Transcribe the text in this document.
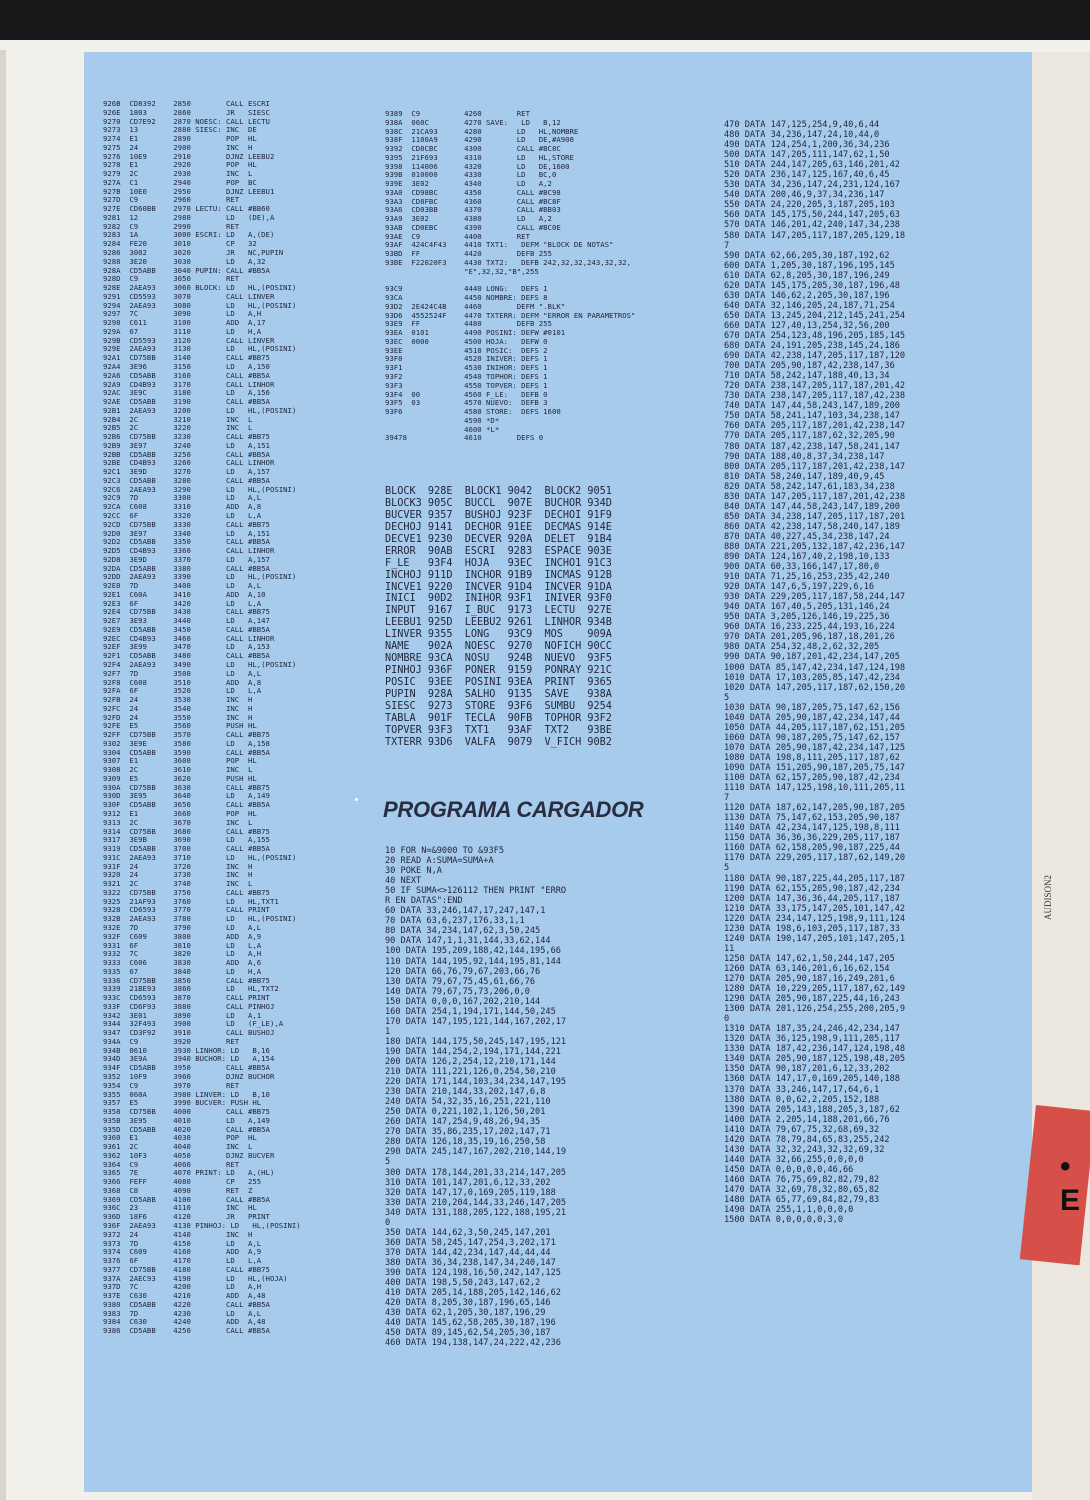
• E
AUDISON2
926B  CD8392    2850        CALL ESCRI
926E  1803      2860        JR   SIESC
9270  CD7E92    2870 NOESC: CALL LECTU
9273  13        2880 SIESC: INC  DE
9274  E1        2890        POP  HL
9275  24        2900        INC  H
9276  10E9      2910        DJNZ LEEBU2
9278  E1        2920        POP  HL
9279  2C        2930        INC  L
927A  C1        2940        POP  BC
927B  10E0      2950        DJNZ LEEBU1
927D  C9        2960        RET
927E  CD60BB    2970 LECTU: CALL #BB60
9281  12        2980        LD   (DE),A
9282  C9        2990        RET
9283  1A        3000 ESCRI: LD   A,(DE)
9284  FE20      3010        CP   32
9286  3002      3020        JR   NC,PUPIN
9288  3E20      3030        LD   A,32
928A  CD5ABB    3040 PUPIN: CALL #BB5A
928D  C9        3050        RET
928E  2AEA93    3060 BLOCK: LD   HL,(POSINI)
9291  CD5593    3070        CALL LINVER
9294  2AEA93    3080        LD   HL,(POSINI)
9297  7C        3090        LD   A,H
9298  C611      3100        ADD  A,17
929A  67        3110        LD   H,A
929B  CD5593    3120        CALL LINVER
929E  2AEA93    3130        LD   HL,(POSINI)
92A1  CD75BB    3140        CALL #BB75
92A4  3E96      3150        LD   A,150
92A6  CD5ABB    3160        CALL #BB5A
92A9  CD4B93    3170        CALL LINHOR
92AC  3E9C      3180        LD   A,156
92AE  CD5ABB    3190        CALL #BB5A
92B1  2AEA93    3200        LD   HL,(POSINI)
92B4  2C        3210        INC  L
92B5  2C        3220        INC  L
92B6  CD75BB    3230        CALL #BB75
92B9  3E97      3240        LD   A,151
92BB  CD5ABB    3250        CALL #BB5A
92BE  CD4B93    3260        CALL LINHOR
92C1  3E9D      3270        LD   A,157
92C3  CD5ABB    3280        CALL #BB5A
92C6  2AEA93    3290        LD   HL,(POSINI)
92C9  7D        3300        LD   A,L
92CA  C608      3310        ADD  A,8
92CC  6F        3320        LD   L,A
92CD  CD75BB    3330        CALL #BB75
92D0  3E97      3340        LD   A,151
92D2  CD5ABB    3350        CALL #BB5A
92D5  CD4B93    3360        CALL LINHOR
92D8  3E9D      3370        LD   A,157
92DA  CD5ABB    3380        CALL #BB5A
92DD  2AEA93    3390        LD   HL,(POSINI)
92E0  7D        3400        LD   A,L
92E1  C60A      3410        ADD  A,10
92E3  6F        3420        LD   L,A
92E4  CD75BB    3430        CALL #BB75
92E7  3E93      3440        LD   A,147
92E9  CD5ABB    3450        CALL #BB5A
92EC  CD4B93    3460        CALL LINHOR
92EF  3E99      3470        LD   A,153
92F1  CD5ABB    3480        CALL #BB5A
92F4  2AEA93    3490        LD   HL,(POSINI)
92F7  7D        3500        LD   A,L
92F8  C608      3510        ADD  A,8
92FA  6F        3520        LD   L,A
92FB  24        3530        INC  H
92FC  24        3540        INC  H
92FD  24        3550        INC  H
92FE  E5        3560        PUSH HL
92FF  CD75BB    3570        CALL #BB75
9302  3E9E      3580        LD   A,158
9304  CD5ABB    3590        CALL #BB5A
9307  E1        3600        POP  HL
9308  2C        3610        INC  L
9309  E5        3620        PUSH HL
930A  CD75BB    3630        CALL #BB75
930D  3E95      3640        LD   A,149
930F  CD5ABB    3650        CALL #BB5A
9312  E1        3660        POP  HL
9313  2C        3670        INC  L
9314  CD75BB    3680        CALL #BB75
9317  3E9B      3690        LD   A,155
9319  CD5ABB    3700        CALL #BB5A
931C  2AEA93    3710        LD   HL,(POSINI)
931F  24        3720        INC  H
9320  24        3730        INC  H
9321  2C        3740        INC  L
9322  CD75BB    3750        CALL #BB75
9325  21AF93    3760        LD   HL,TXT1
9328  CD6593    3770        CALL PRINT
932B  2AEA93    3780        LD   HL,(POSINI)
932E  7D        3790        LD   A,L
932F  C609      3800        ADD  A,9
9331  6F        3810        LD   L,A
9332  7C        3820        LD   A,H
9333  C606      3830        ADD  A,6
9335  67        3840        LD   H,A
9336  CD75BB    3850        CALL #BB75
9339  21BE93    3860        LD   HL,TXT2
933C  CD6593    3870        CALL PRINT
933F  CD6F93    3880        CALL PINHOJ
9342  3E01      3890        LD   A,1
9344  32F493    3900        LD   (F_LE),A
9347  CD3F92    3910        CALL BUSHOJ
934A  C9        3920        RET
934B  0610      3930 LINHOR: LD   B,16
934D  3E9A      3940 BUCHOR: LD   A,154
934F  CD5ABB    3950        CALL #BB5A
9352  10F9      3960        DJNZ BUCHOR
9354  C9        3970        RET
9355  060A      3980 LINVER: LD   B,10
9357  E5        3990 BUCVER: PUSH HL
9358  CD75BB    4000        CALL #BB75
935B  3E95      4010        LD   A,149
935D  CD5ABB    4020        CALL #BB5A
9360  E1        4030        POP  HL
9361  2C        4040        INC  L
9362  10F3      4050        DJNZ BUCVER
9364  C9        4060        RET
9365  7E        4070 PRINT: LD   A,(HL)
9366  FEFF      4080        CP   255
9368  C8        4090        RET  Z
9369  CD5ABB    4100        CALL #BB5A
936C  23        4110        INC  HL
936D  18F6      4120        JR   PRINT
936F  2AEA93    4130 PINHOJ: LD   HL,(POSINI)
9372  24        4140        INC  H
9373  7D        4150        LD   A,L
9374  C609      4160        ADD  A,9
9376  6F        4170        LD   L,A
9377  CD75BB    4180        CALL #BB75
937A  2AEC93    4190        LD   HL,(HOJA)
937D  7C        4200        LD   A,H
937E  C630      4210        ADD  A,48
9380  CD5ABB    4220        CALL #BB5A
9383  7D        4230        LD   A,L
9384  C630      4240        ADD  A,48
9386  CD5ABB    4250        CALL #BB5A
9389  C9          4260        RET
938A  060C        4270 SAVE:   LD   B,12
938C  21CA93      4280        LD   HL,NOMBRE
938F  1100A9      4290        LD   DE,#A900
9392  CD8CBC      4300        CALL #BC8C
9395  21F693      4310        LD   HL,STORE
9398  114006      4320        LD   DE,1600
939B  010000      4330        LD   BC,0
939E  3E02        4340        LD   A,2
93A0  CD98BC      4350        CALL #BC98
93A3  CD8FBC      4360        CALL #BC8F
93A6  CD03BB      4370        CALL #BB03
93A9  3E02        4380        LD   A,2
93AB  CD0EBC      4390        CALL #BC0E
93AE  C9          4400        RET
93AF  424C4F43    4410 TXT1:   DEFM "BLOCK DE NOTAS"
93BD  FF          4420        DEFB 255
93BE  F22020F3    4430 TXT2:   DEFB 242,32,32,243,32,32,
"E",32,32,"B",255
93C9              4440 LONG:   DEFS 1
93CA              4450 NOMBRE: DEFS 8
93D2  2E424C4B    4460        DEFM ".BLK"
93D6  4552524F    4470 TXTERR: DEFM "ERROR EN PARAMETROS"
93E9  FF          4480        DEFB 255
93EA  0101        4490 POSINI: DEFW #0101
93EC  0000        4500 HOJA:   DEFW 0
93EE              4510 POSIC:  DEFS 2
93F0              4520 INIVER: DEFS 1
93F1              4530 INIHOR: DEFS 1
93F2              4540 TOPHOR: DEFS 1
93F3              4550 TOPVER: DEFS 1
93F4  00          4560 F_LE:   DEFB 0
93F5  03          4570 NUEVO:  DEFB 3
93F6              4580 STORE:  DEFS 1600
4590 *D*
4600 *L*
39478             4610        DEFS 0
BLOCK  928E  BLOCK1 9042  BLOCK2 9051
BLOCK3 905C  BUCCL  907E  BUCHOR 934D
BUCVER 9357  BUSHOJ 923F  DECHOI 91F9
DECHOJ 9141  DECHOR 91EE  DECMAS 914E
DECVE1 9230  DECVER 920A  DELET  91B4
ERROR  90AB  ESCRI  9283  ESPACE 903E
F_LE   93F4  HOJA   93EC  INCHO1 91C3
INCHOJ 911D  INCHOR 91B9  INCMAS 912B
INCVE1 9220  INCVER 91D4  INCVER 91DA
INICI  90D2  INIHOR 93F1  INIVER 93F0
INPUT  9167  I_BUC  9173  LECTU  927E
LEEBU1 925D  LEEBU2 9261  LINHOR 934B
LINVER 9355  LONG   93C9  MOS    909A
NAME   902A  NOESC  9270  NOFICH 90CC
NOMBRE 93CA  NOSU   924B  NUEVO  93F5
PINHOJ 936F  PONER  9159  PONRAY 921C
POSIC  93EE  POSINI 93EA  PRINT  9365
PUPIN  928A  SALHO  9135  SAVE   938A
SIESC  9273  STORE  93F6  SUMBU  9254
TABLA  901F  TECLA  90FB  TOPHOR 93F2
TOPVER 93F3  TXT1   93AF  TXT2   93BE
TXTERR 93D6  VALFA  9079  V_FICH 90B2
PROGRAMA CARGADOR
10 FOR N=&9000 TO &93F5
20 READ A:SUMA=SUMA+A
30 POKE N,A
40 NEXT
50 IF SUMA<>126112 THEN PRINT "ERRO
R EN DATAS":END
60 DATA 33,246,147,17,247,147,1
70 DATA 63,6,237,176,33,1,1
80 DATA 34,234,147,62,3,50,245
90 DATA 147,1,1,31,144,33,62,144
100 DATA 195,209,188,42,144,195,66
110 DATA 144,195,92,144,195,81,144
120 DATA 66,76,79,67,203,66,76
130 DATA 79,67,75,45,61,66,76
140 DATA 79,67,75,73,206,0,0
150 DATA 0,0,0,167,202,210,144
160 DATA 254,1,194,171,144,50,245
170 DATA 147,195,121,144,167,202,17
1
180 DATA 144,175,50,245,147,195,121
190 DATA 144,254,2,194,171,144,221
200 DATA 126,2,254,12,210,171,144
210 DATA 111,221,126,0,254,50,210
220 DATA 171,144,103,34,234,147,195
230 DATA 210,144,33,202,147,6,8
240 DATA 54,32,35,16,251,221,110
250 DATA 0,221,102,1,126,50,201
260 DATA 147,254,9,48,26,94,35
270 DATA 35,86,235,17,202,147,71
280 DATA 126,18,35,19,16,250,58
290 DATA 245,147,167,202,210,144,19
5
300 DATA 178,144,201,33,214,147,205
310 DATA 101,147,201,6,12,33,202
320 DATA 147,17,0,169,205,119,188
330 DATA 210,204,144,33,246,147,205
340 DATA 131,188,205,122,188,195,21
0
350 DATA 144,62,3,50,245,147,201
360 DATA 58,245,147,254,3,202,171
370 DATA 144,42,234,147,44,44,44
380 DATA 36,34,238,147,34,240,147
390 DATA 124,198,16,50,242,147,125
400 DATA 198,5,50,243,147,62,2
410 DATA 205,14,188,205,142,146,62
420 DATA 8,205,30,187,196,65,146
430 DATA 62,1,205,30,187,196,29
440 DATA 145,62,58,205,30,187,196
450 DATA 89,145,62,54,205,30,187
460 DATA 194,138,147,24,222,42,236
470 DATA 147,125,254,9,40,6,44
480 DATA 34,236,147,24,10,44,0
490 DATA 124,254,1,200,36,34,236
500 DATA 147,205,111,147,62,1,50
510 DATA 244,147,205,63,146,201,42
520 DATA 236,147,125,167,40,6,45
530 DATA 34,236,147,24,231,124,167
540 DATA 200,46,9,37,34,236,147
550 DATA 24,220,205,3,187,205,103
560 DATA 145,175,50,244,147,205,63
570 DATA 146,201,42,240,147,34,238
580 DATA 147,205,117,187,205,129,18
7
590 DATA 62,66,205,30,187,192,62
600 DATA 1,205,30,187,196,195,145
610 DATA 62,8,205,30,187,196,249
620 DATA 145,175,205,30,187,196,48
630 DATA 146,62,2,205,30,187,196
640 DATA 32,146,205,24,187,71,254
650 DATA 13,245,204,212,145,241,254
660 DATA 127,40,13,254,32,56,200
670 DATA 254,123,48,196,205,185,145
680 DATA 24,191,205,238,145,24,186
690 DATA 42,238,147,205,117,187,120
700 DATA 205,90,187,42,238,147,36
710 DATA 58,242,147,188,40,13,34
720 DATA 238,147,205,117,187,201,42
730 DATA 238,147,205,117,187,42,238
740 DATA 147,44,58,243,147,189,200
750 DATA 58,241,147,103,34,238,147
760 DATA 205,117,187,201,42,238,147
770 DATA 205,117,187,62,32,205,90
780 DATA 187,42,238,147,58,241,147
790 DATA 188,40,8,37,34,238,147
800 DATA 205,117,187,201,42,238,147
810 DATA 58,240,147,189,40,9,45
820 DATA 58,242,147,61,183,34,238
830 DATA 147,205,117,187,201,42,238
840 DATA 147,44,58,243,147,189,200
850 DATA 34,238,147,205,117,187,201
860 DATA 42,238,147,58,240,147,189
870 DATA 40,227,45,34,238,147,24
880 DATA 221,205,132,187,42,236,147
890 DATA 124,167,40,2,198,10,133
900 DATA 60,33,166,147,17,80,0
910 DATA 71,25,16,253,235,42,240
920 DATA 147,6,5,197,229,6,16
930 DATA 229,205,117,187,58,244,147
940 DATA 167,40,5,205,131,146,24
950 DATA 3,205,126,146,19,225,36
960 DATA 16,233,225,44,193,16,224
970 DATA 201,205,96,187,18,201,26
980 DATA 254,32,48,2,62,32,205
990 DATA 90,187,201,42,234,147,205
1000 DATA 85,147,42,234,147,124,198
1010 DATA 17,103,205,85,147,42,234
1020 DATA 147,205,117,187,62,150,20
5
1030 DATA 90,187,205,75,147,62,156
1040 DATA 205,90,187,42,234,147,44
1050 DATA 44,205,117,187,62,151,205
1060 DATA 90,187,205,75,147,62,157
1070 DATA 205,90,187,42,234,147,125
1080 DATA 198,8,111,205,117,187,62
1090 DATA 151,205,90,187,205,75,147
1100 DATA 62,157,205,90,187,42,234
1110 DATA 147,125,198,10,111,205,11
7
1120 DATA 187,62,147,205,90,187,205
1130 DATA 75,147,62,153,205,90,187
1140 DATA 42,234,147,125,198,8,111
1150 DATA 36,36,36,229,205,117,187
1160 DATA 62,158,205,90,187,225,44
1170 DATA 229,205,117,187,62,149,20
5
1180 DATA 90,187,225,44,205,117,187
1190 DATA 62,155,205,90,187,42,234
1200 DATA 147,36,36,44,205,117,187
1210 DATA 33,175,147,205,101,147,42
1220 DATA 234,147,125,198,9,111,124
1230 DATA 198,6,103,205,117,187,33
1240 DATA 190,147,205,101,147,205,1
11
1250 DATA 147,62,1,50,244,147,205
1260 DATA 63,146,201,6,16,62,154
1270 DATA 205,90,187,16,249,201,6
1280 DATA 10,229,205,117,187,62,149
1290 DATA 205,90,187,225,44,16,243
1300 DATA 201,126,254,255,200,205,9
0
1310 DATA 187,35,24,246,42,234,147
1320 DATA 36,125,198,9,111,205,117
1330 DATA 187,42,236,147,124,198,48
1340 DATA 205,90,187,125,198,48,205
1350 DATA 90,187,201,6,12,33,202
1360 DATA 147,17,0,169,205,140,188
1370 DATA 33,246,147,17,64,6,1
1380 DATA 0,0,62,2,205,152,188
1390 DATA 205,143,188,205,3,187,62
1400 DATA 2,205,14,188,201,66,76
1410 DATA 79,67,75,32,68,69,32
1420 DATA 78,79,84,65,83,255,242
1430 DATA 32,32,243,32,32,69,32
1440 DATA 32,66,255,0,0,0,0
1450 DATA 0,0,0,0,0,46,66
1460 DATA 76,75,69,82,82,79,82
1470 DATA 32,69,78,32,80,65,82
1480 DATA 65,77,69,84,82,79,83
1490 DATA 255,1,1,0,0,0,0
1500 DATA 0,0,0,0,0,3,0
